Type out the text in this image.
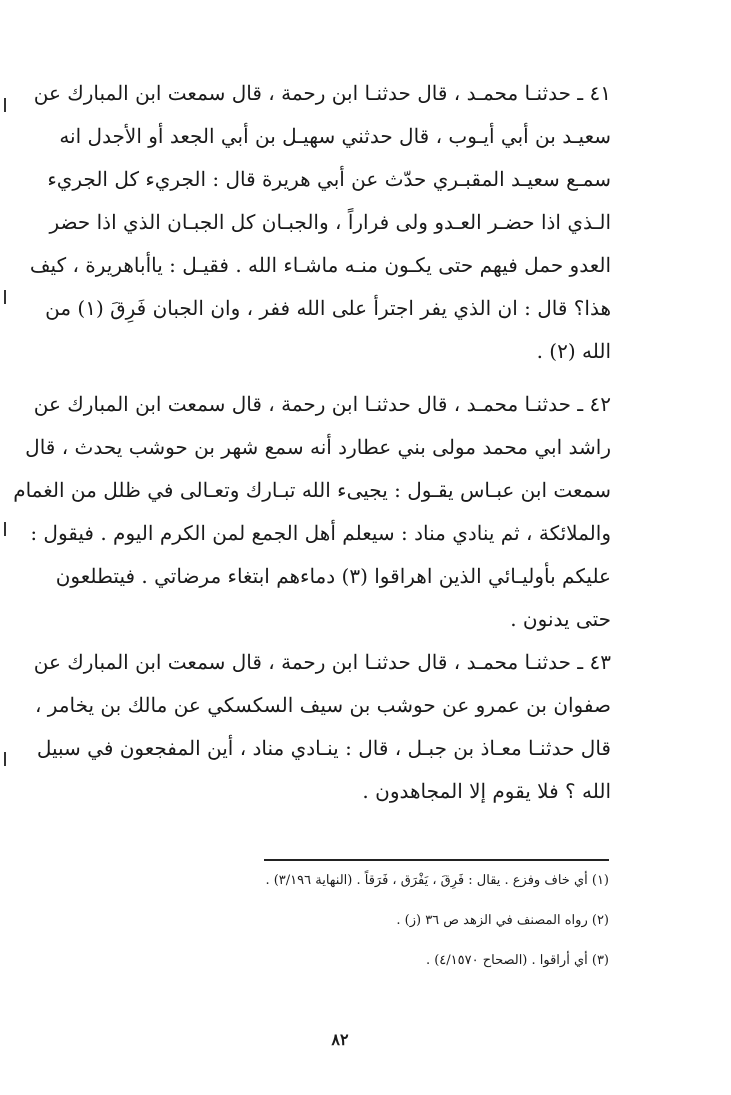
٤١ ـ حدثنـا محمـد ، قال حدثنـا ابن رحمة ، قال سمعت ابن المبارك عن
سعيـد بن أبي أيـوب ، قال حدثني سهيـل بن أبي الجعد أو الأجدل انه
سمـع سعيـد المقبـري حدّث عن أبي هريرة قال : الجريء كل الجريء
الـذي اذا حضـر العـدو ولى فراراً ، والجبـان كل الجبـان الذي اذا حضر
العدو حمل فيهم حتى يكـون منـه ماشـاء الله . فقيـل : ياأباهريرة ، كيف
هذا؟ قال : ان الذي يفر اجترأ على الله ففر ، وان الجبان فَرِقَ (١) من
الله (٢) .
٤٢ ـ حدثنـا محمـد ، قال حدثنـا ابن رحمة ، قال سمعت ابن المبارك عن
راشد ابي محمد مولى بني عطارد أنه سمع شهر بن حوشب يحدث ، قال
سمعت ابن عبـاس يقـول : يجيىء الله تبـارك وتعـالى في ظلل من الغمام
والملائكة ، ثم ينادي مناد : سيعلم أهل الجمع لمن الكرم اليوم . فيقول :
عليكم بأوليـائي الذين اهراقوا (٣) دماءهم ابتغاء مرضاتي . فيتطلعون
حتى يدنون .
٤٣ ـ حدثنـا محمـد ، قال حدثنـا ابن رحمة ، قال سمعت ابن المبارك عن
صفوان بن عمرو عن حوشب بن سيف السكسكي عن مالك بن يخامر ،
قال حدثنـا معـاذ بن جبـل ، قال : ينـادي مناد ، أين المفجعون في سبيل
الله ؟ فلا يقوم إلا المجاهدون .

(١) أي خاف وفزع . يقال : فَرِقَ ، يَفْرَق ، فَرَقاً . (النهاية ٣/١٩٦) .

(٢) رواه المصنف في الزهد ص ٣٦ (ز) .

(٣) أي أراقوا . (الصحاح ٤/١٥٧٠) .

٨٢
